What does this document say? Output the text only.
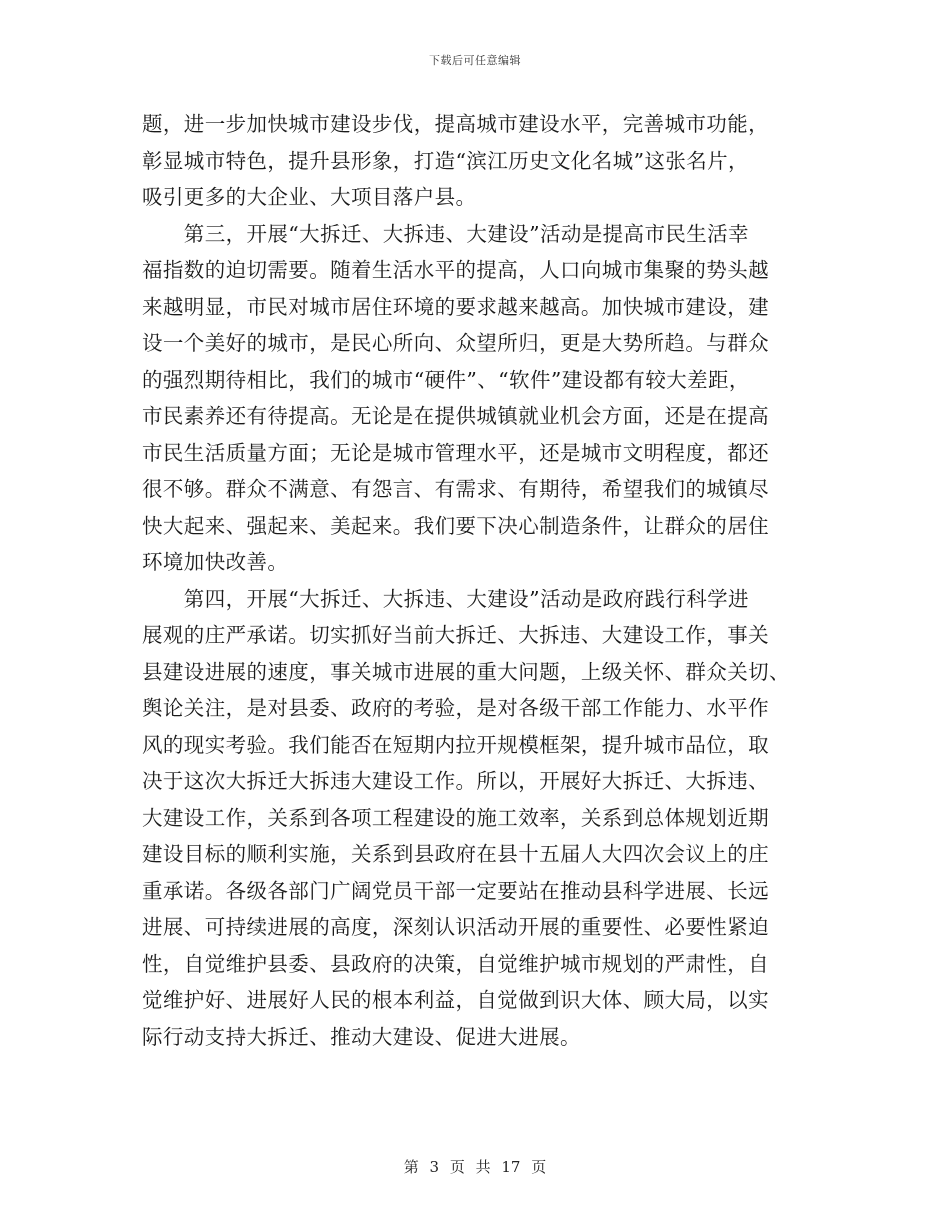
下载后可任意编辑
题，进一步加快城市建设步伐，提高城市建设水平，完善城市功能，
彰显城市特色，提升县形象，打造“滨江历史文化名城”这张名片，
吸引更多的大企业、大项目落户县。
　　第三，开展“大拆迁、大拆违、大建设”活动是提高市民生活幸
福指数的迫切需要。随着生活水平的提高，人口向城市集聚的势头越
来越明显，市民对城市居住环境的要求越来越高。加快城市建设，建
设一个美好的城市，是民心所向、众望所归，更是大势所趋。与群众
的强烈期待相比，我们的城市“硬件”、“软件”建设都有较大差距，
市民素养还有待提高。无论是在提供城镇就业机会方面，还是在提高
市民生活质量方面；无论是城市管理水平，还是城市文明程度，都还
很不够。群众不满意、有怨言、有需求、有期待，希望我们的城镇尽
快大起来、强起来、美起来。我们要下决心制造条件，让群众的居住
环境加快改善。
　　第四，开展“大拆迁、大拆违、大建设”活动是政府践行科学进
展观的庄严承诺。切实抓好当前大拆迁、大拆违、大建设工作，事关
县建设进展的速度，事关城市进展的重大问题，上级关怀、群众关切、
舆论关注，是对县委、政府的考验，是对各级干部工作能力、水平作
风的现实考验。我们能否在短期内拉开规模框架，提升城市品位，取
决于这次大拆迁大拆违大建设工作。所以，开展好大拆迁、大拆违、
大建设工作，关系到各项工程建设的施工效率，关系到总体规划近期
建设目标的顺利实施，关系到县政府在县十五届人大四次会议上的庄
重承诺。各级各部门广阔党员干部一定要站在推动县科学进展、长远
进展、可持续进展的高度，深刻认识活动开展的重要性、必要性紧迫
性，自觉维护县委、县政府的决策，自觉维护城市规划的严肃性，自
觉维护好、进展好人民的根本利益，自觉做到识大体、顾大局，以实
际行动支持大拆迁、推动大建设、促进大进展。
第 3 页 共 17 页
